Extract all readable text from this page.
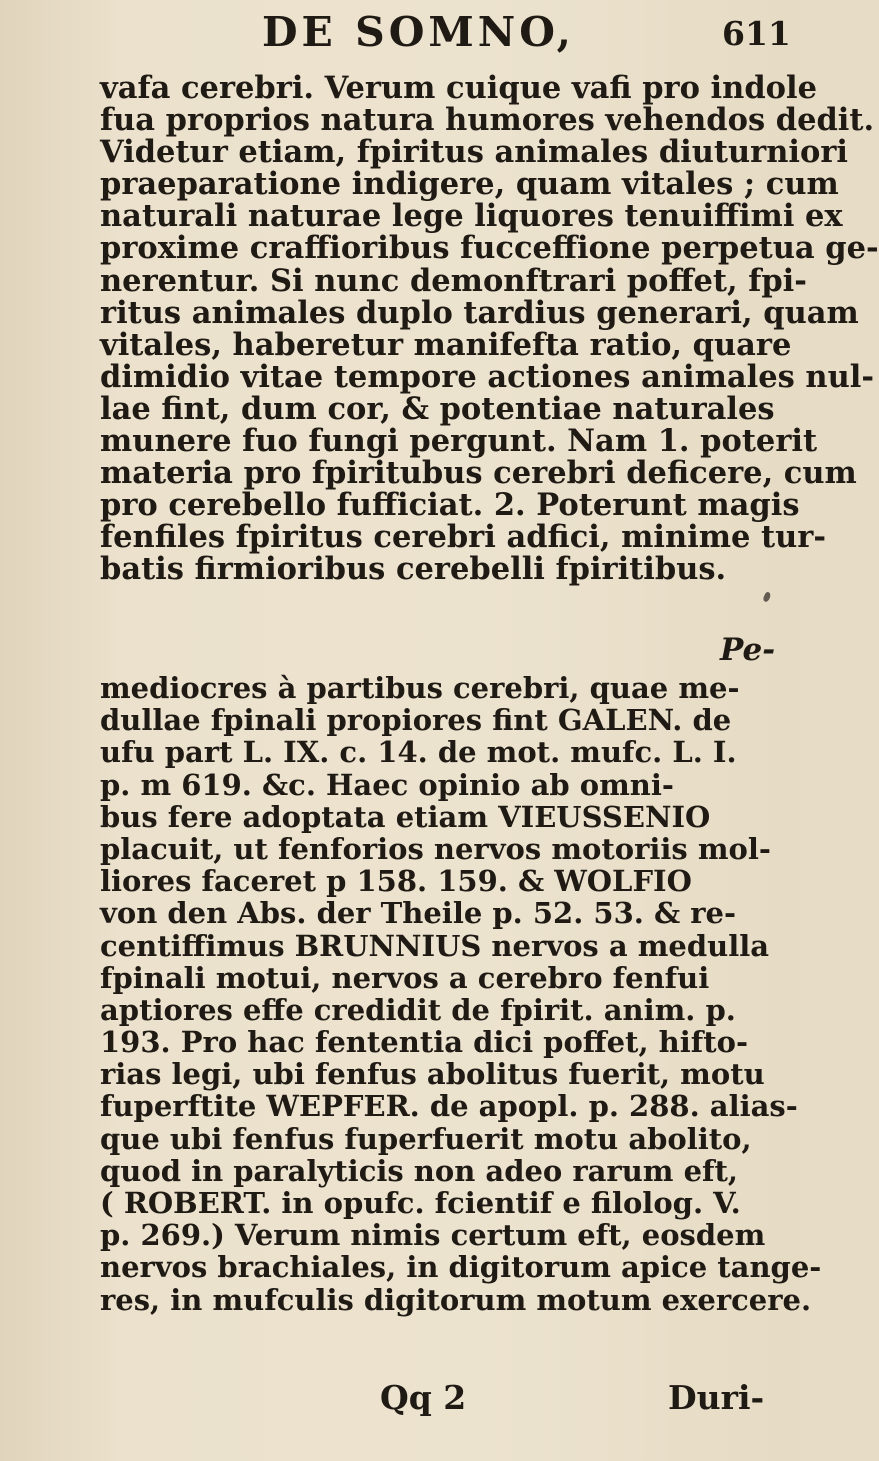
DE SOMNO,	611
vafa cerebri. Verum cuique vafi pro indole
fua proprios natura humores vehendos dedit.
Videtur etiam, fpiritus animales diuturniori
praeparatione indigere, quam vitales ; cum
naturali naturae lege liquores tenuiffimi ex
proxime craffioribus fucceffione perpetua ge-
nerentur. Si nunc demonftrari poffet, fpi-
ritus animales duplo tardius generari, quam
vitales, haberetur manifefta ratio, quare
dimidio vitae tempore actiones animales nul-
lae fint, dum cor, & potentiae naturales
munere fuo fungi pergunt. Nam 1. poterit
materia pro fpiritubus cerebri deficere, cum
pro cerebello fufficiat. 2. Poterunt magis
fenfiles fpiritus cerebri adfici, minime tur-
batis firmioribus cerebelli fpiritibus.
Pe-
mediocres à partibus cerebri, quae me-
dullae fpinali propiores fint GALEN. de
ufu part L. IX. c. 14. de mot. mufc. L. I.
p. m 619. &c. Haec opinio ab omni-
bus fere adoptata etiam VIEUSSENIO
placuit, ut fenforios nervos motoriis mol-
liores faceret p 158. 159. & WOLFIO
von den Abs. der Theile p. 52. 53. & re-
centiffimus BRUNNIUS nervos a medulla
fpinali motui, nervos a cerebro fenfui
aptiores effe credidit de fpirit. anim. p.
193. Pro hac fententia dici poffet, hifto-
rias legi, ubi fenfus abolitus fuerit, motu
fuperftite WEPFER. de apopl. p. 288. alias-
que ubi fenfus fuperfuerit motu abolito,
quod in paralyticis non adeo rarum eft,
( ROBERT. in opufc. fcientif e filolog. V.
p. 269.) Verum nimis certum eft, eosdem
nervos brachiales, in digitorum apice tange-
res, in mufculis digitorum motum exercere.
Qq 2	Duri-
